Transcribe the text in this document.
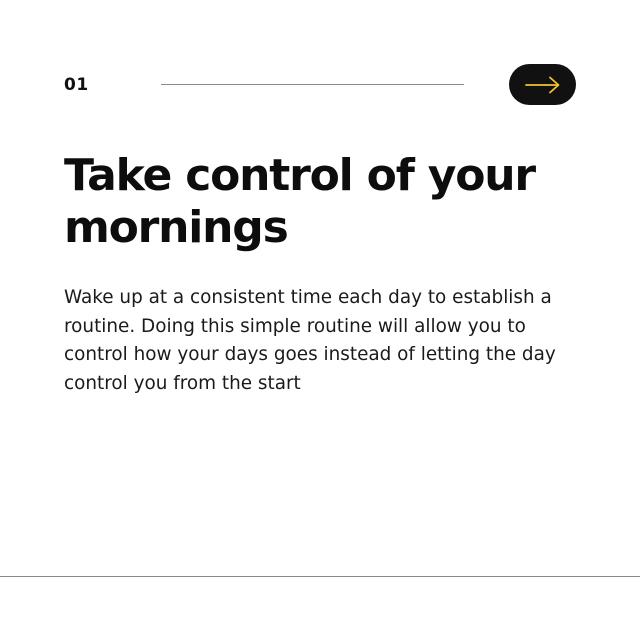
01
Take control of your mornings

Wake up at a consistent time each day to establish a routine. Doing this simple routine will allow you to control how your days goes instead of letting the day control you from the start
